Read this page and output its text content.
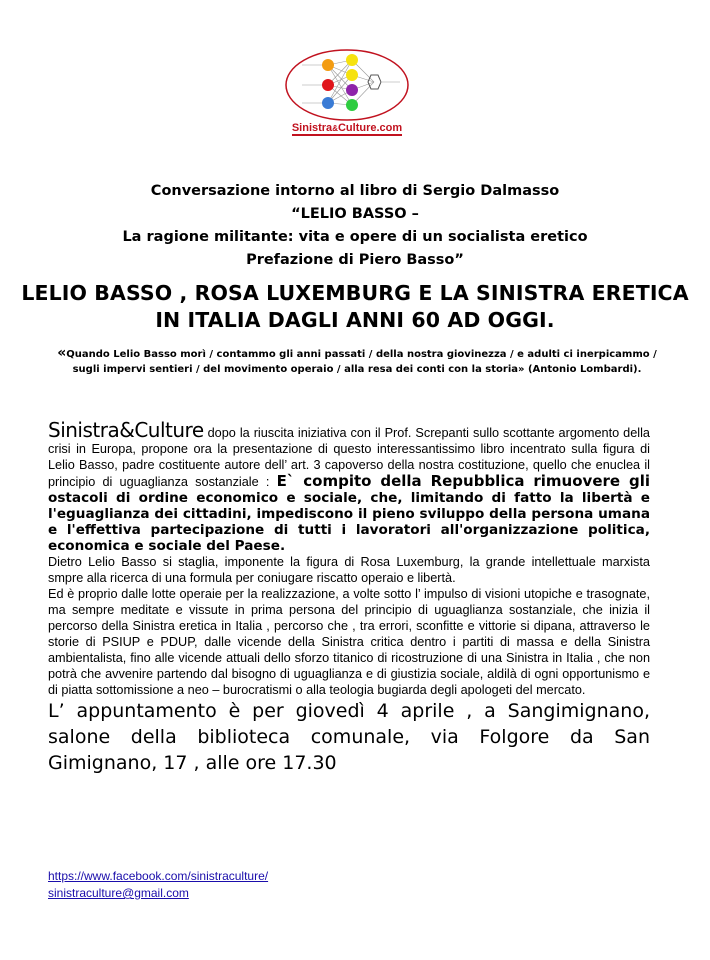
Sinistra&Culture.com
Conversazione intorno al libro di Sergio Dalmasso
“LELIO BASSO –
La ragione militante: vita e opere di un socialista eretico
Prefazione di Piero Basso”
LELIO BASSO , ROSA LUXEMBURG E LA SINISTRA ERETICA
IN ITALIA DAGLI ANNI 60 AD OGGI.
«Quando Lelio Basso morì / contammo gli anni passati / della nostra giovinezza / e adulti ci inerpicammo / sugli impervi sentieri / del movimento operaio / alla resa dei conti con la storia» (Antonio Lombardi).

Sinistra&Culture dopo la riuscita iniziativa con il Prof. Screpanti sullo scottante argomento della crisi in Europa, propone ora la presentazione di questo interessantissimo libro incentrato sulla figura di Lelio Basso, padre costituente autore dell’ art. 3 capoverso della nostra costituzione, quello che enuclea il principio di uguaglianza sostanziale : E` compito della Repubblica rimuovere gli ostacoli di ordine economico e sociale, che, limitando di fatto la libertà e l'eguaglianza dei cittadini, impediscono il pieno sviluppo della persona umana e l'effettiva partecipazione di tutti i lavoratori all'organizzazione politica, economica e sociale del Paese.

Dietro Lelio Basso si staglia, imponente la figura di Rosa Luxemburg, la grande intellettuale marxista smpre alla ricerca di una formula per coniugare riscatto operaio e libertà.

Ed è proprio dalle lotte operaie per la realizzazione, a volte sotto l’ impulso di visioni utopiche e trasognate, ma sempre meditate e vissute in prima persona del principio di uguaglianza sostanziale, che inizia il percorso della Sinistra eretica in Italia , percorso che , tra errori, sconfitte e vittorie si dipana, attraverso le storie di PSIUP e PDUP, dalle vicende della Sinistra critica dentro i partiti di massa e della Sinistra ambientalista, fino alle vicende attuali dello sforzo titanico di ricostruzione di una Sinistra in Italia , che non potrà che avvenire partendo dal bisogno di uguaglianza e di giustizia sociale, aldilà di ogni opportunismo e di piatta sottomissione a neo – burocratismi o alla teologia bugiarda degli apologeti del mercato.

L’ appuntamento è per giovedì 4 aprile , a Sangimignano, salone della biblioteca comunale, via Folgore da San Gimignano, 17 , alle ore 17.30

https://www.facebook.com/sinistraculture/
sinistraculture@gmail.com
